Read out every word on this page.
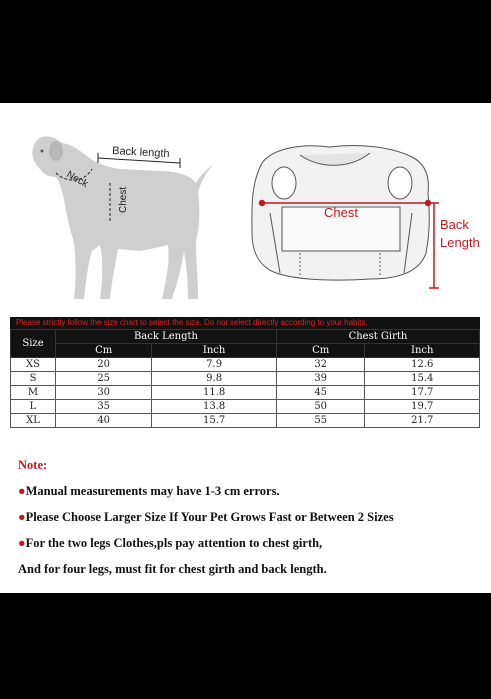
Back length
Neck
Chest	Chest
Back
Length
Please strictly follow the size chart to select the size. Do not select directly according to your habits.
Size	Back Length		Chest Girth	
	Cm	Inch	Cm	Inch
XS	20	7.9	32	12.6
S	25	9.8	39	15.4
M	30	11.8	45	17.7
L	35	13.8	50	19.7
XL	40	15.7	55	21.7
Note:
●Manual measurements may have 1-3 cm errors.
●Please Choose Larger Size If Your Pet Grows Fast or Between 2 Sizes
●For the two legs Clothes,pls pay attention to chest girth,
And for four legs, must fit for chest girth and back length.
